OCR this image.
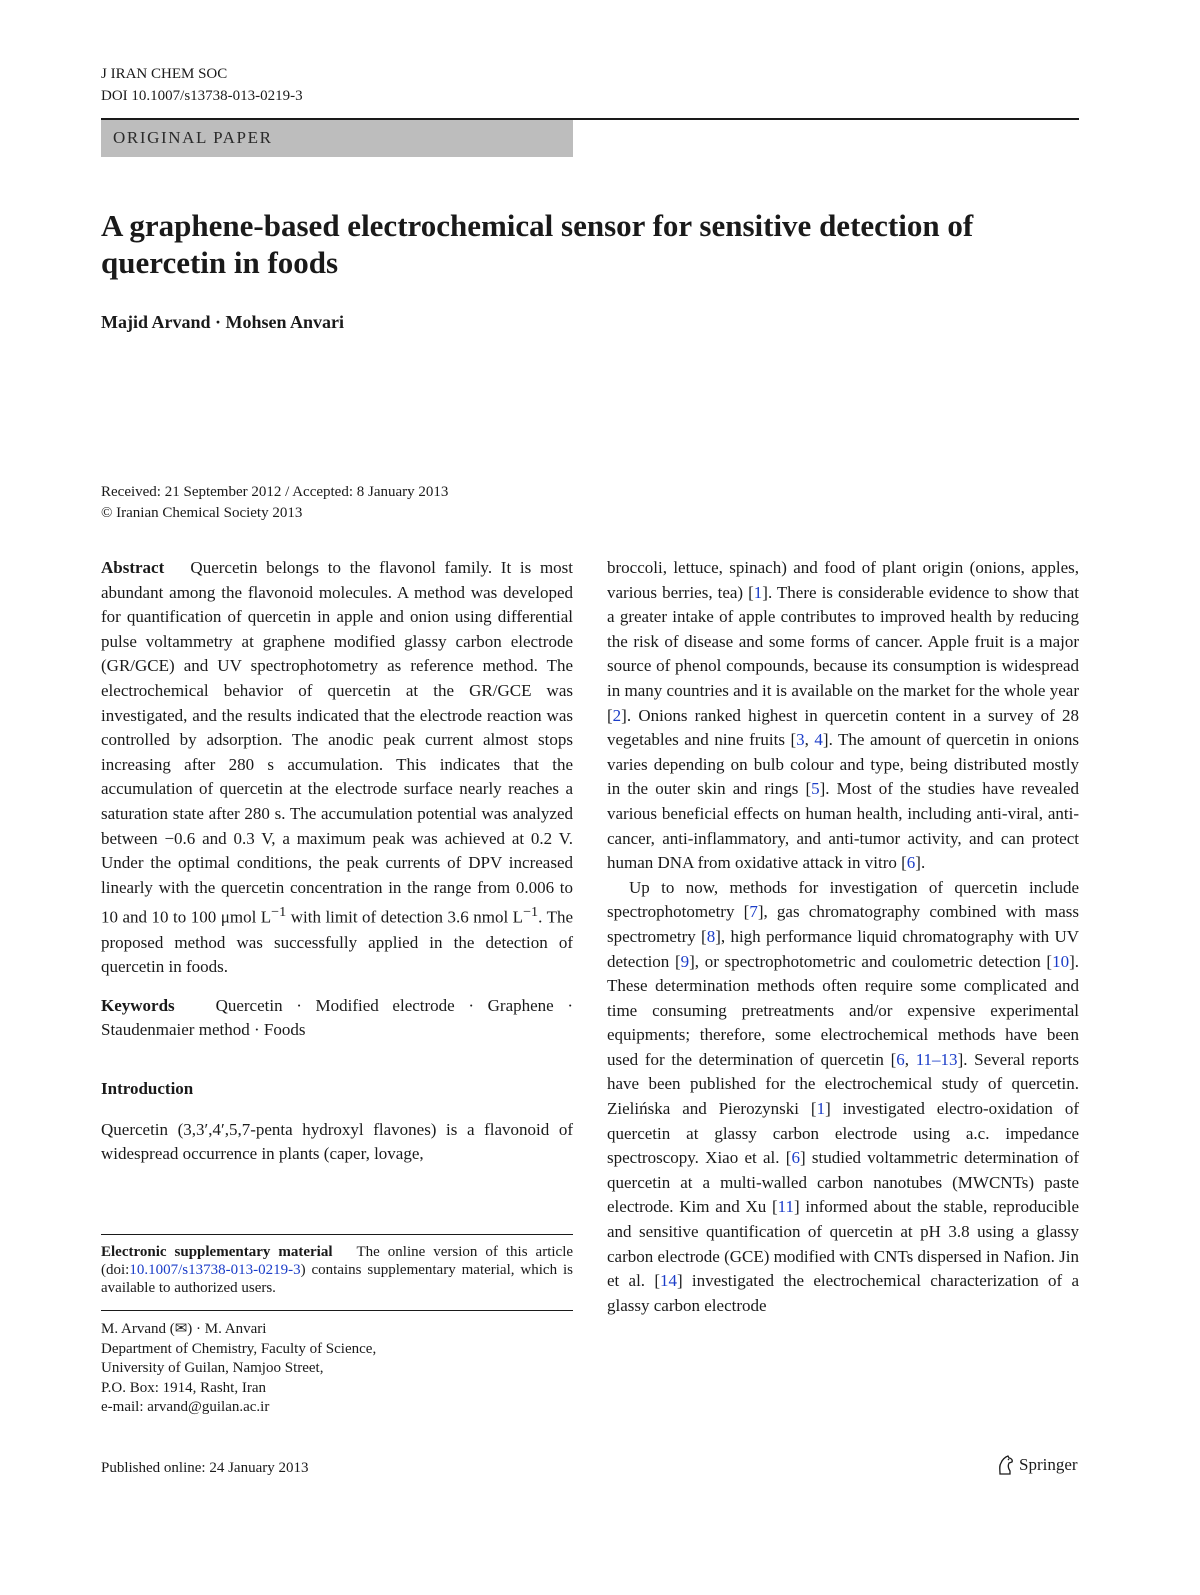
J IRAN CHEM SOC
DOI 10.1007/s13738-013-0219-3
ORIGINAL PAPER
A graphene-based electrochemical sensor for sensitive detection of quercetin in foods
Majid Arvand · Mohsen Anvari
Received: 21 September 2012 / Accepted: 8 January 2013
© Iranian Chemical Society 2013

Abstract Quercetin belongs to the flavonol family. It is most abundant among the flavonoid molecules. A method was developed for quantification of quercetin in apple and onion using differential pulse voltammetry at graphene modified glassy carbon electrode (GR/GCE) and UV spectrophotometry as reference method. The electrochemical behavior of quercetin at the GR/GCE was investigated, and the results indicated that the electrode reaction was controlled by adsorption. The anodic peak current almost stops increasing after 280 s accumulation. This indicates that the accumulation of quercetin at the electrode surface nearly reaches a saturation state after 280 s. The accumulation potential was analyzed between −0.6 and 0.3 V, a maximum peak was achieved at 0.2 V. Under the optimal conditions, the peak currents of DPV increased linearly with the quercetin concentration in the range from 0.006 to 10 and 10 to 100 μmol $L^{-1}$ with limit of detection 3.6 nmol $L^{-1}$. The proposed method was successfully applied in the detection of quercetin in foods.

Keywords Quercetin · Modified electrode · Graphene · Staudenmaier method · Foods

Introduction

Quercetin (3,3′,4′,5,7-penta hydroxyl flavones) is a flavonoid of widespread occurrence in plants (caper, lovage,

Electronic supplementary material The online version of this article (doi:10.1007/s13738-013-0219-3) contains supplementary material, which is available to authorized users.
M. Arvand (✉) · M. Anvari
Department of Chemistry, Faculty of Science,
University of Guilan, Namjoo Street,
P.O. Box: 1914, Rasht, Iran
e-mail: arvand@guilan.ac.ir

broccoli, lettuce, spinach) and food of plant origin (onions, apples, various berries, tea) [1]. There is considerable evidence to show that a greater intake of apple contributes to improved health by reducing the risk of disease and some forms of cancer. Apple fruit is a major source of phenol compounds, because its consumption is widespread in many countries and it is available on the market for the whole year [2]. Onions ranked highest in quercetin content in a survey of 28 vegetables and nine fruits [3, 4]. The amount of quercetin in onions varies depending on bulb colour and type, being distributed mostly in the outer skin and rings [5]. Most of the studies have revealed various beneficial effects on human health, including anti-viral, anti-cancer, anti-inflammatory, and anti-tumor activity, and can protect human DNA from oxidative attack in vitro [6].

Up to now, methods for investigation of quercetin include spectrophotometry [7], gas chromatography combined with mass spectrometry [8], high performance liquid chromatography with UV detection [9], or spectrophotometric and coulometric detection [10]. These determination methods often require some complicated and time consuming pretreatments and/or expensive experimental equipments; therefore, some electrochemical methods have been used for the determination of quercetin [6, 11–13]. Several reports have been published for the electrochemical study of quercetin. Zielińska and Pierozynski [1] investigated electro-oxidation of quercetin at glassy carbon electrode using a.c. impedance spectroscopy. Xiao et al. [6] studied voltammetric determination of quercetin at a multi-walled carbon nanotubes (MWCNTs) paste electrode. Kim and Xu [11] informed about the stable, reproducible and sensitive quantification of quercetin at pH 3.8 using a glassy carbon electrode (GCE) modified with CNTs dispersed in Nafion. Jin et al. [14] investigated the electrochemical characterization of a glassy carbon electrode

Published online: 24 January 2013	Springer
